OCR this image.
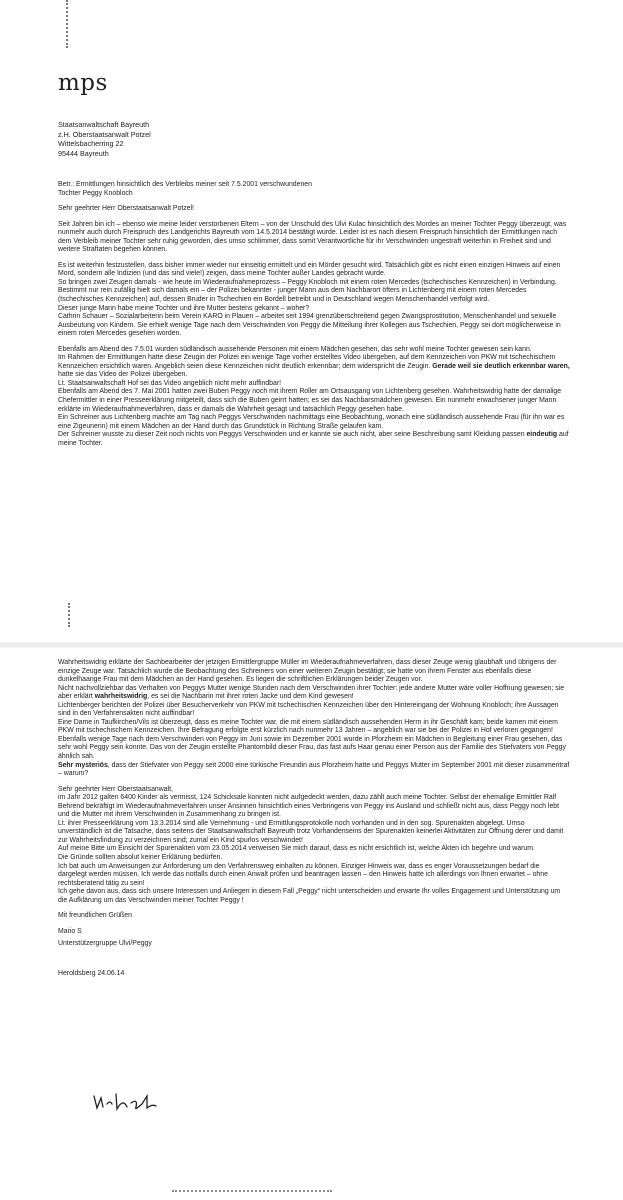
mps
Staatsanwaltschaft Bayreuth
z.H. Oberstaatsanwalt Potzel
Wittelsbacherring 22
95444 Bayreuth

Betr.: Ermittlungen hinsichtlich des Verbleibs meiner seit 7.5.2001 verschwundenen

Tochter Peggy Knobloch

Sehr geehrter Herr Oberstaatsanwalt Potzel!

Seit Jahren bin ich – ebenso wie meine leider verstorbenen Eltern – von der Unschuld des Ulvi Kulac hinsichtlich des Mordes an meiner Tochter Peggy überzeugt, was nunmehr auch durch Freispruch des Landgerichts Bayreuth vom 14.5.2014 bestätigt wurde. Leider ist es nach diesem Freispruch hinsichtlich der Ermittlungen nach dem Verbleib meiner Tochter sehr ruhig geworden, dies umso schlimmer, dass somit Verantwortliche für ihr Verschwinden ungestraft weiterhin in Freiheit sind und weitere Straftaten begehen können.

Es ist weiterhin festzustellen, dass bisher immer wieder nur einseitig ermittelt und ein Mörder gesucht wird. Tatsächlich gibt es nicht einen einzigen Hinweis auf einen Mord, sondern alle Indizien (und das sind viele!) zeigen, dass meine Tochter außer Landes gebracht wurde.
So bringen zwei Zeugen damals - wie heute im Wiederaufnahmeprozess – Peggy Knobloch mit einem roten Mercedes (tschechisches Kennzeichen) in Verbindung.
Bestimmt nur rein zufällig hielt sich damals ein – der Polizei bekannter - junger Mann aus dem Nachbarort öfters in Lichtenberg mit einem roten Mercedes (tschechisches Kennzeichen) auf, dessen Bruder in Tschechien ein Bordell betreibt und in Deutschland wegen Menschenhandel verfolgt wird.
Dieser junge Mann habe meine Tochter und ihre Mutter bestens gekannt – woher?
Cathrin Schauer – Sozialarbeiterin beim Verein KARO in Plauen – arbeitet seit 1994 grenzüberschreitend gegen Zwangsprostitution, Menschenhandel und sexuelle Ausbeutung von Kindern. Sie erhielt wenige Tage nach dem Verschwinden von Peggy die Mitteilung ihrer Kollegen aus Tschechien, Peggy sei dort möglicherweise in einem roten Mercedes gesehen worden.

Ebenfalls am Abend des 7.5.01 wurden südländisch aussehende Personen mit einem Mädchen gesehen, das sehr wohl meine Tochter gewesen sein kann.
Im Rahmen der Ermittlungen hatte diese Zeugin der Polizei ein wenige Tage vorher erstelltes Video übergeben, auf dem Kennzeichen von PKW mit tschechischem Kennzeichen ersichtlich waren. Angeblich seien diese Kennzeichen nicht deutlich erkennbar; dem widerspricht die Zeugin. Gerade weil sie deutlich erkennbar waren, hatte sie das Video der Polizei übergeben.
Lt. Staatsanwaltschaft Hof sei das Video angeblich nicht mehr auffindbar!
Ebenfalls am Abend des 7. Mai 2001 hatten zwei Buben Peggy noch mit ihrem Roller am Ortsausgang von Lichtenberg gesehen. Wahrheitswidrig hatte der damalige Chefermittler in einer Presseerklärung mitgeteilt, dass sich die Buben geirrt hatten; es sei das Nachbarsmädchen gewesen. Ein nunmehr erwachsener junger Mann erklärte im Wiederaufnahmeverfahren, dass er damals die Wahrheit gesagt und tatsächlich Peggy gesehen habe.
Ein Schreiner aus Lichtenberg machte am Tag nach Peggys Verschwinden nachmittags eine Beobachtung, wonach eine südländisch aussehende Frau (für ihn war es eine Zigeunerin) mit einem Mädchen an der Hand durch das Grundstück in Richtung Straße gelaufen kam.
Der Schreiner wusste zu dieser Zeit noch nichts von Peggys Verschwinden und er kannte sie auch nicht, aber seine Beschreibung samt Kleidung passen eindeutig auf meine Tochter.

Wahrheitswidrig erklärte der Sachbearbeiter der jetzigen Ermittlergruppe Müller im Wiederaufnahmeverfahren, dass dieser Zeuge wenig glaubhaft und übrigens der einzige Zeuge war. Tatsächlich wurde die Beobachtung des Schreiners von einer weiteren Zeugin bestätigt; sie hatte von ihrem Fenster aus ebenfalls diese dunkelhaarige Frau mit dem Mädchen an der Hand gesehen. Es liegen die schriftlichen Erklärungen beider Zeugen vor.
Nicht nachvollziehbar das Verhalten von Peggys Mutter wenige Stunden nach dem Verschwinden ihrer Tochter: jede andere Mutter wäre voller Hoffnung gewesen; sie aber erklärt wahrheitswidrig, es sei die Nachbarin mit ihrer roten Jacke und dem Kind gewesen!
Lichtenberger berichten der Polizei über Besucherverkehr von PKW mit tschechischen Kennzeichen über den Hintereingang der Wohnung Knobloch; ihre Aussagen sind in den Verfahrensakten nicht auffindbar!
Eine Dame in Taufkirchen/Vils ist überzeugt, dass es meine Tochter war, die mit einem südländisch aussehenden Herrn in ihr Geschäft kam; beide kamen mit einem PKW mit tschechischem Kennzeichen. Ihre Befragung erfolgte erst kürzlich nach nunmehr 13 Jahren – angeblich war sie bei der Polizei in Hof verloren gegangen!
Ebenfalls wenige Tage nach dem Verschwinden von Peggy im Juni sowie im Dezember 2001 wurde in Pforzheim ein Mädchen in Begleitung einer Frau gesehen, das sehr wohl Peggy sein konnte. Das von der Zeugin erstellte Phantombild dieser Frau, das fast aufs Haar genau einer Person aus der Familie des Stiefvaters von Peggy ähnlich sah.
Sehr mysteriös, dass der Stiefvater von Peggy seit 2000 eine türkische Freundin aus Pforzheim hatte und Peggys Mutter im September 2001 mit dieser zusammentraf – warum?

Sehr geehrter Herr Oberstaatsanwalt,

im Jahr 2012 galten 6400 Kinder als vermisst, 124 Schicksale konnten nicht aufgedeckt werden, dazu zählt auch meine Tochter. Selbst der ehemalige Ermittler Ralf Behrend bekräftigt im Wiederaufnahmeverfahren unser Ansinnen hinsichtlich eines Verbringens von Peggy ins Ausland und schließt nicht aus, dass Peggy noch lebt und die Mutter mit ihrem Verschwinden in Zusammenhang zu bringen ist.
Lt. ihrer Presseerklärung vom 13.3.2014 sind alle Vernehmung - und Ermittlungsprotokolle noch vorhanden und in den sog. Spurenakten abgelegt. Umso unverständlich ist die Tatsache, dass seitens der Staatsanwaltschaft Bayreuth trotz Vorhandenseins der Spurenakten keinerlei Aktivitäten zur Öffnung derer und damit zur Wahrheitsfindung zu verzeichnen sind; zumal ein Kind spurlos verschwindet!
Auf meine Bitte um Einsicht der Spurenakten vom 23.05.2014 verweisen Sie mich darauf, dass es nicht ersichtlich ist, welche Akten ich begehre und warum.
Die Gründe sollten absolut keiner Erklärung bedürfen.
Ich bat auch um Anweisungen zur Anforderung um den Verfahrensweg einhalten zu können. Einziger Hinweis war, dass es enger Voraussetzungen bedarf die dargelegt werden müssen. Ich werde das notfalls durch einen Anwalt prüfen und beantragen lassen – den Hinweis hatte ich allerdings von Ihnen erwartet – ohne rechtsberatend tätig zu sein!
Ich gehe davon aus, dass sich unsere Interessen und Anliegen in diesem Fall „Peggy“ nicht unterscheiden und erwarte Ihr volles Engagement und Unterstützung um die Aufklärung um das Verschwinden meiner Tochter Peggy !

Mit freundlichen Grüßen

Mario S

Unterstützergruppe Ulvi/Peggy

Heroldsberg 24.06.14
